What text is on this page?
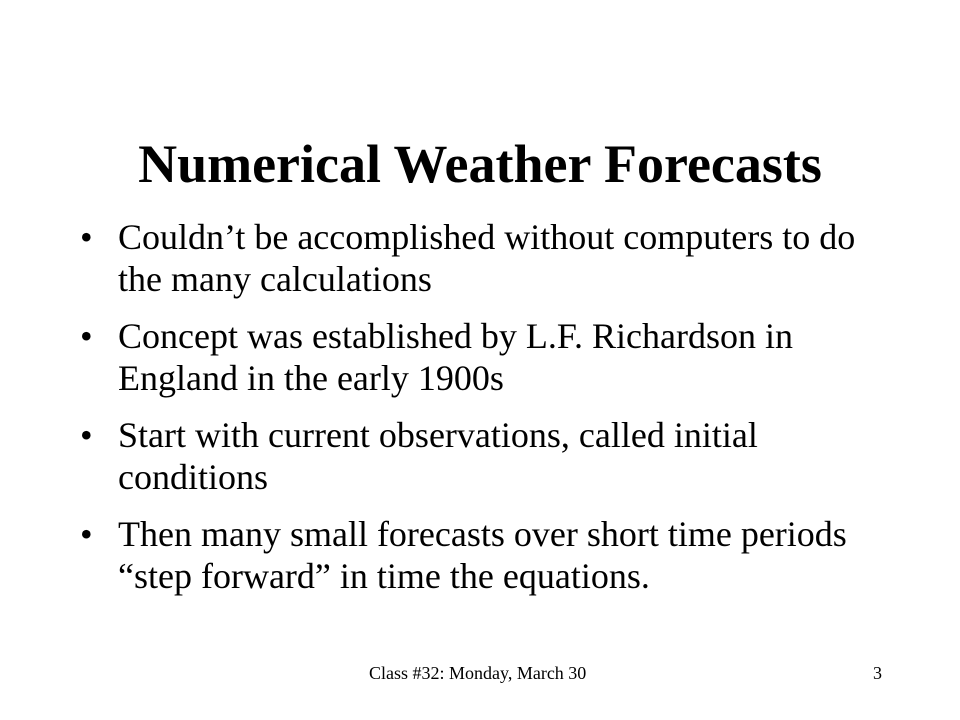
Numerical Weather Forecasts
• Couldn’t be accomplished without computers to do the many calculations
• Concept was established by L.F. Richardson in England in the early 1900s
• Start with current observations, called initial conditions
• Then many small forecasts over short time periods “step forward” in time the equations.
Class #32: Monday, March 30	3
